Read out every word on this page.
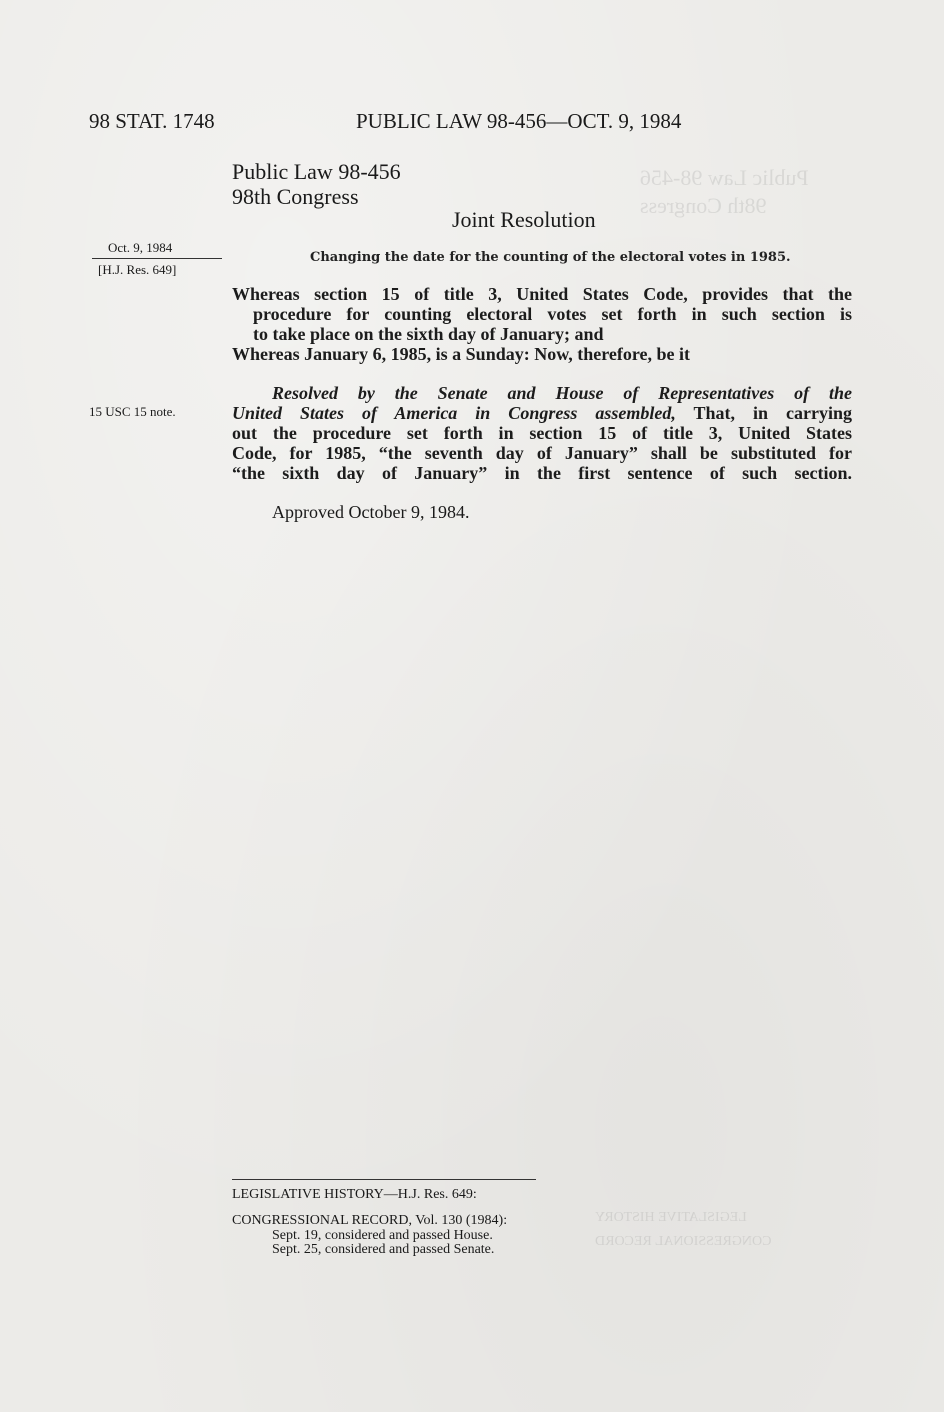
Public Law 98-456
98th Congress
98 STAT. 1748	PUBLIC LAW 98-456—OCT. 9, 1984
Public Law 98-456
98th Congress
Joint Resolution
Oct. 9, 1984
[H.J. Res. 649]
Changing the date for the counting of the electoral votes in 1985.
Whereas section 15 of title 3, United States Code, provides that the
procedure for counting electoral votes set forth in such section is
to take place on the sixth day of January; and
Whereas January 6, 1985, is a Sunday: Now, therefore, be it
15 USC 15 note.
Resolved by the Senate and House of Representatives of the
United States of America in Congress assembled, That, in carrying
out the procedure set forth in section 15 of title 3, United States
Code, for 1985, “the seventh day of January” shall be substituted for
“the sixth day of January” in the first sentence of such section.
Approved October 9, 1984.
LEGISLATIVE HISTORY
CONGRESSIONAL RECORD
LEGISLATIVE HISTORY—H.J. Res. 649:
CONGRESSIONAL RECORD, Vol. 130 (1984):
Sept. 19, considered and passed House.
Sept. 25, considered and passed Senate.
